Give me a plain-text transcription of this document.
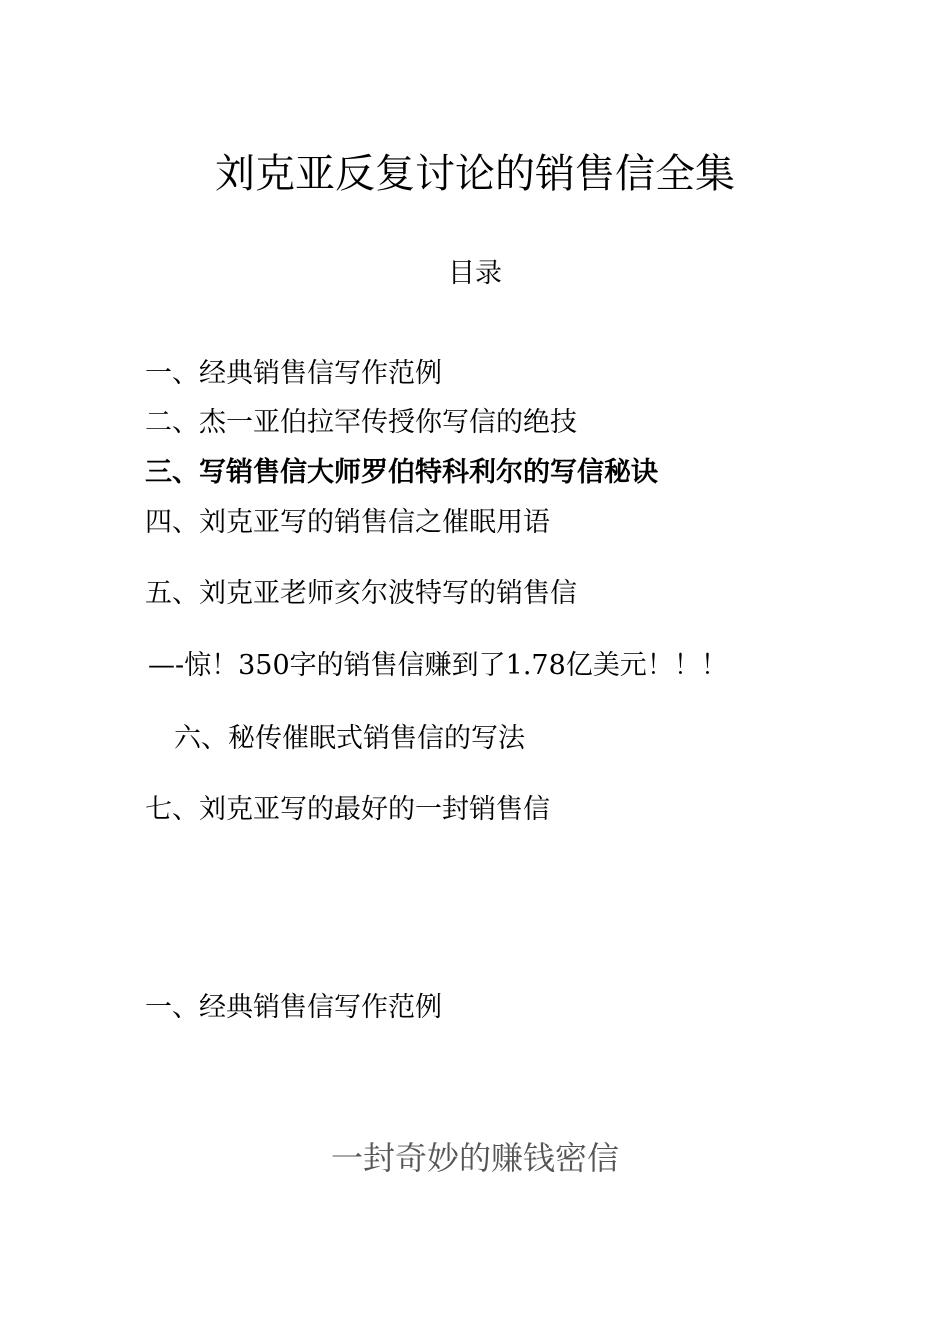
刘克亚反复讨论的销售信全集
目录
一、经典销售信写作范例
二、杰一亚伯拉罕传授你写信的绝技
三、写销售信大师罗伯特科利尔的写信秘诀
四、刘克亚写的销售信之催眠用语
五、刘克亚老师亥尔波特写的销售信
—-惊！350字的销售信赚到了1.78亿美元！！！
六、秘传催眠式销售信的写法
七、刘克亚写的最好的一封销售信
一、经典销售信写作范例
一封奇妙的赚钱密信
